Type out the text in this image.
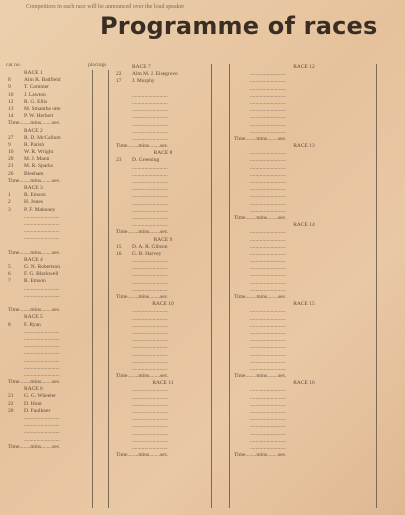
Competitors in each race will be announced over the loud speaker
Programme of races
car no.	placings
RACE 1
8	Alm R. Badfield
9	T. Commer
10	J. Lawton
12	R. G. Ellis
13	M. Smanthe utte
14	P. W. Herbert
Time........mins........sec.
RACE 2
27	R. D. McCallum
9	R. Parish
10	W. R. Wright
20	M. J. Mann
21	M. R. Sparks
26	Bleeham
Time........mins........sec.
RACE 3
1	R. Emson
2	H. Jones
3	P. F. Mahoney
..........................
..........................
..........................
..........................
Time........mins........sec.
RACE 4
5	G. N. Robertson
6	F. G. Blackwell
7	R. Emson
..........................
..........................
Time........mins........sec.
RACE 5
8	F. Ryan
..........................
..........................
..........................
..........................
..........................
..........................
..........................
Time........mins........sec.
RACE 6
21	G. G. Wheeler
22	D. Hunt
20	D. Faulkner
..........................
..........................
..........................
..........................
Time........mins........sec.
RACE 7
22	Alm M. J. Elsegrove
17	J. Murphy
..........................
..........................
..........................
..........................
..........................
..........................
..........................
Time........mins........sec.
RACE 8
23	D. Greening
..........................
..........................
..........................
..........................
..........................
..........................
..........................
..........................
..........................
Time........mins........sec.
RACE 9
15	D. A. R. Gibson
16	G. R. Harvey
..........................
..........................
..........................
..........................
..........................
Time........mins........sec.
RACE 10
..........................
..........................
..........................
..........................
..........................
..........................
..........................
..........................
..........................
Time........mins........sec.
RACE 11
..........................
..........................
..........................
..........................
..........................
..........................
..........................
..........................
..........................
Time........mins........sec.
RACE 12
..........................
..........................
..........................
..........................
..........................
..........................
..........................
..........................
..........................
Time........mins........sec.
RACE 13
..........................
..........................
..........................
..........................
..........................
..........................
..........................
..........................
..........................
Time........mins........sec.
RACE 14
..........................
..........................
..........................
..........................
..........................
..........................
..........................
..........................
..........................
Time........mins........sec.
RACE 15
..........................
..........................
..........................
..........................
..........................
..........................
..........................
..........................
..........................
Time........mins........sec.
RACE 16
..........................
..........................
..........................
..........................
..........................
..........................
..........................
..........................
..........................
Time........mins........sec.
